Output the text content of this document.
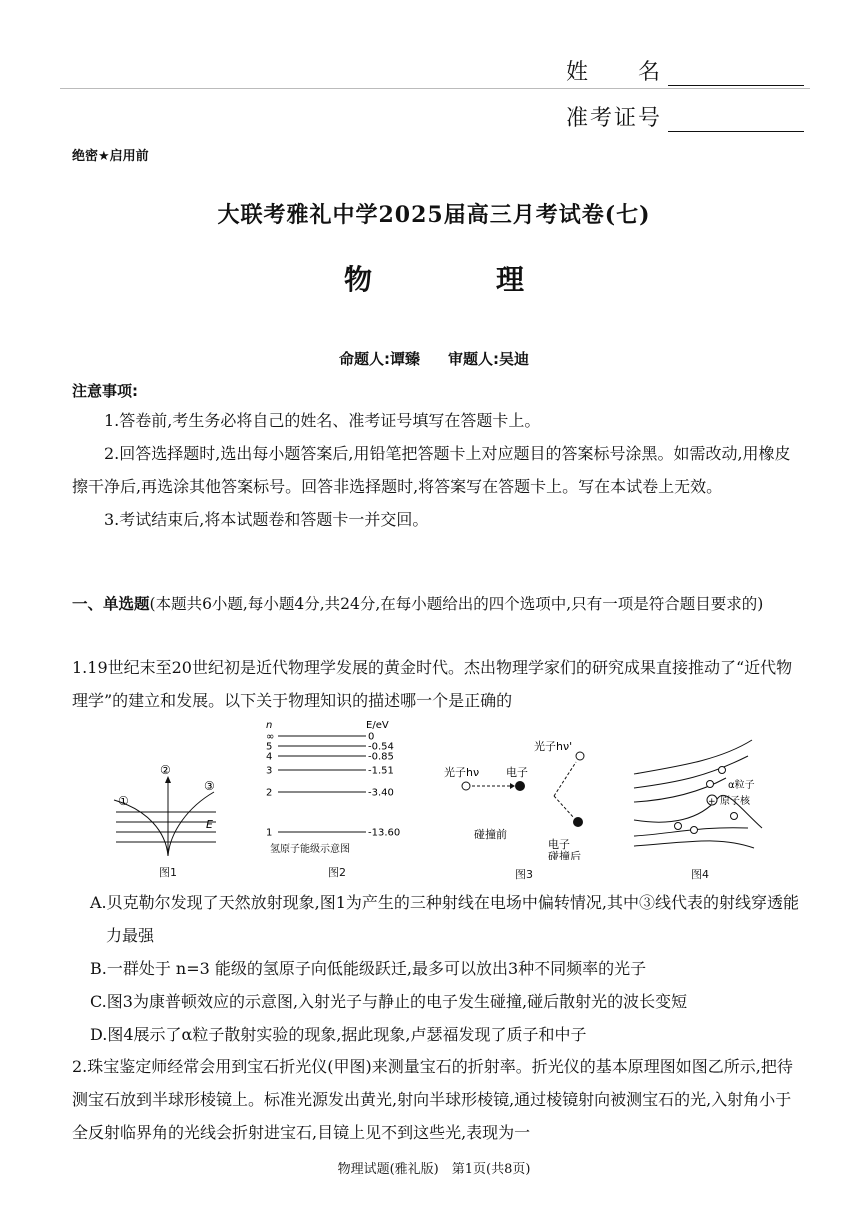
姓　　名
准考证号
绝密★启用前
大联考雅礼中学2025届高三月考试卷(七)
物　理
命题人:谭臻 审题人:吴迪
注意事项:
1.答卷前,考生务必将自己的姓名、准考证号填写在答题卡上。
2.回答选择题时,选出每小题答案后,用铅笔把答题卡上对应题目的答案标号涂黑。如需改动,用橡皮擦干净后,再选涂其他答案标号。回答非选择题时,将答案写在答题卡上。写在本试卷上无效。
3.考试结束后,将本试题卷和答题卡一并交回。
一、单选题(本题共6小题,每小题4分,共24分,在每小题给出的四个选项中,只有一项是符合题目要求的)
1.19世纪末至20世纪初是近代物理学发展的黄金时代。杰出物理学家们的研究成果直接推动了“近代物理学”的建立和发展。以下关于物理知识的描述哪一个是正确的
①
②
③
E
图1
n	E/eV
氢原子能级示意图
∞	0
5	-0.54
4	-0.85
3	-1.51
2	-3.40
1	-13.60
图2
光子hν 电子
光子hν'
电子
碰撞前
碰撞后
图3
+
α粒子
原子核
图4
A.贝克勒尔发现了天然放射现象,图1为产生的三种射线在电场中偏转情况,其中③线代表的射线穿透能力最强
B.一群处于 n=3 能级的氢原子向低能级跃迁,最多可以放出3种不同频率的光子
C.图3为康普顿效应的示意图,入射光子与静止的电子发生碰撞,碰后散射光的波长变短
D.图4展示了α粒子散射实验的现象,据此现象,卢瑟福发现了质子和中子
2.珠宝鉴定师经常会用到宝石折光仪(甲图)来测量宝石的折射率。折光仪的基本原理图如图乙所示,把待测宝石放到半球形棱镜上。标准光源发出黄光,射向半球形棱镜,通过棱镜射向被测宝石的光,入射角小于全反射临界角的光线会折射进宝石,目镜上见不到这些光,表现为一
物理试题(雅礼版)　第1页(共8页)
